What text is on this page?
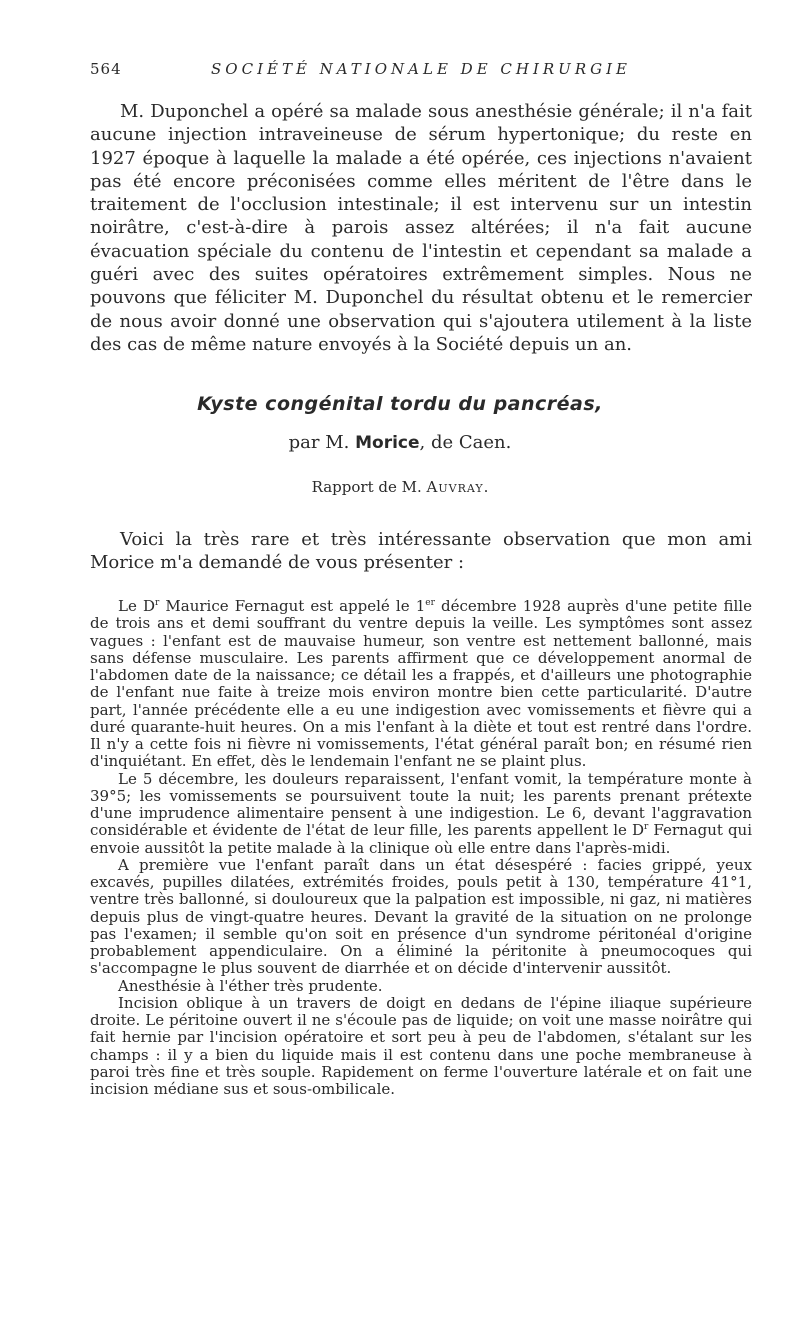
564	SOCIÉTÉ NATIONALE DE CHIRURGIE

M. Duponchel a opéré sa malade sous anesthésie générale; il n'a fait aucune injection intraveineuse de sérum hypertonique; du reste en 1927 époque à laquelle la malade a été opérée, ces injections n'avaient pas été encore préconisées comme elles méritent de l'être dans le traitement de l'occlusion intestinale; il est intervenu sur un intestin noirâtre, c'est-à-dire à parois assez altérées; il n'a fait aucune évacuation spéciale du contenu de l'intestin et cependant sa malade a guéri avec des suites opératoires extrêmement simples. Nous ne pouvons que féliciter M. Duponchel du résultat obtenu et le remercier de nous avoir donné une observation qui s'ajoutera utilement à la liste des cas de même nature envoyés à la Société depuis un an.

Kyste congénital tordu du pancréas,

par M. Morice, de Caen.

Rapport de M. Auvray.

Voici la très rare et très intéressante observation que mon ami Morice m'a demandé de vous présenter :

Le $D^r$ Maurice Fernagut est appelé le 1er décembre 1928 auprès d'une petite fille de trois ans et demi souffrant du ventre depuis la veille. Les symptômes sont assez vagues : l'enfant est de mauvaise humeur, son ventre est nettement ballonné, mais sans défense musculaire. Les parents affirment que ce développement anormal de l'abdomen date de la naissance; ce détail les a frappés, et d'ailleurs une photographie de l'enfant nue faite à treize mois environ montre bien cette particularité. D'autre part, l'année précédente elle a eu une indigestion avec vomissements et fièvre qui a duré quarante-huit heures. On a mis l'enfant à la diète et tout est rentré dans l'ordre. Il n'y a cette fois ni fièvre ni vomissements, l'état général paraît bon; en résumé rien d'inquiétant. En effet, dès le lendemain l'enfant ne se plaint plus.

Le 5 décembre, les douleurs reparaissent, l'enfant vomit, la température monte à 39°5; les vomissements se poursuivent toute la nuit; les parents prenant prétexte d'une imprudence alimentaire pensent à une indigestion. Le 6, devant l'aggravation considérable et évidente de l'état de leur fille, les parents appellent le $D^r$ Fernagut qui envoie aussitôt la petite malade à la clinique où elle entre dans l'après-midi.

A première vue l'enfant paraît dans un état désespéré : facies grippé, yeux excavés, pupilles dilatées, extrémités froides, pouls petit à 130, température 41°1, ventre très ballonné, si douloureux que la palpation est impossible, ni gaz, ni matières depuis plus de vingt-quatre heures. Devant la gravité de la situation on ne prolonge pas l'examen; il semble qu'on soit en présence d'un syndrome péritonéal d'origine probablement appendiculaire. On a éliminé la péritonite à pneumocoques qui s'accompagne le plus souvent de diarrhée et on décide d'intervenir aussitôt.

Anesthésie à l'éther très prudente.

Incision oblique à un travers de doigt en dedans de l'épine iliaque supérieure droite. Le péritoine ouvert il ne s'écoule pas de liquide; on voit une masse noirâtre qui fait hernie par l'incision opératoire et sort peu à peu de l'abdomen, s'étalant sur les champs : il y a bien du liquide mais il est contenu dans une poche membraneuse à paroi très fine et très souple. Rapidement on ferme l'ouverture latérale et on fait une incision médiane sus et sous-ombilicale.
